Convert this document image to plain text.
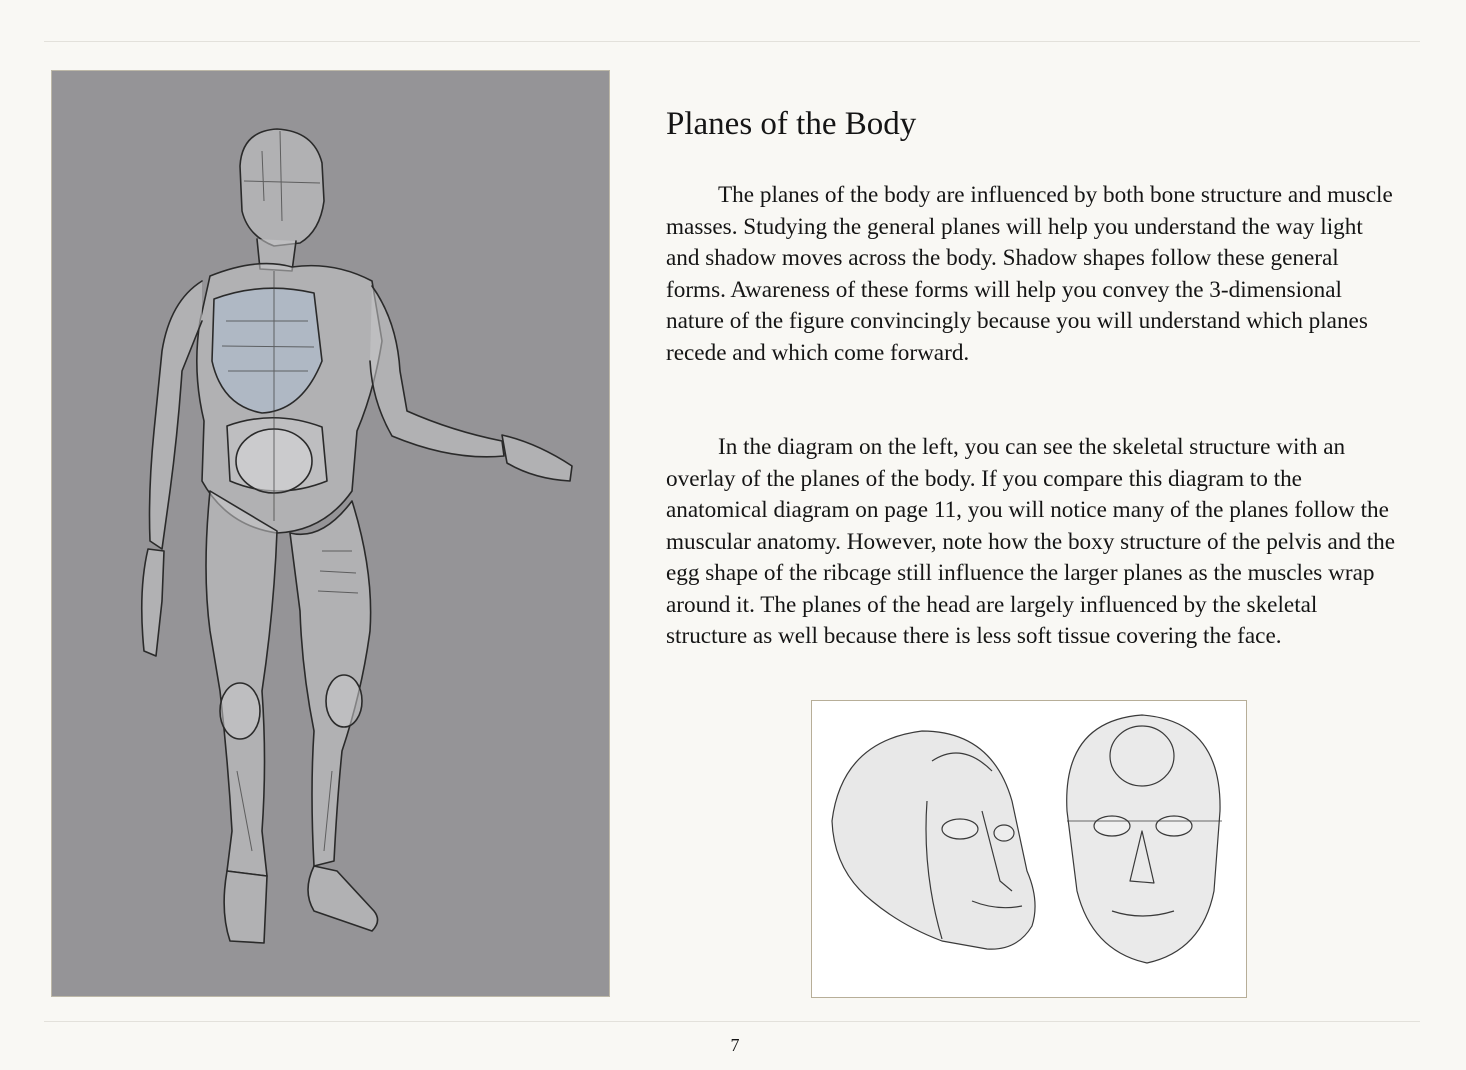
Planes of the Body

The planes of the body are influenced by both bone structure and muscle masses. Studying the general planes will help you understand the way light and shadow moves across the body. Shadow shapes follow these general forms. Awareness of these forms will help you convey the 3-dimensional nature of the figure convincingly because you will understand which planes recede and which come forward.

In the diagram on the left, you can see the skeletal structure with an overlay of the planes of the body. If you compare this diagram to the anatomical diagram on page 11, you will notice many of the planes follow the muscular anatomy. However, note how the boxy structure of the pelvis and the egg shape of the ribcage still influence the larger planes as the muscles wrap around it. The planes of the head are largely influenced by the skeletal structure as well because there is less soft tissue covering the face.

7
